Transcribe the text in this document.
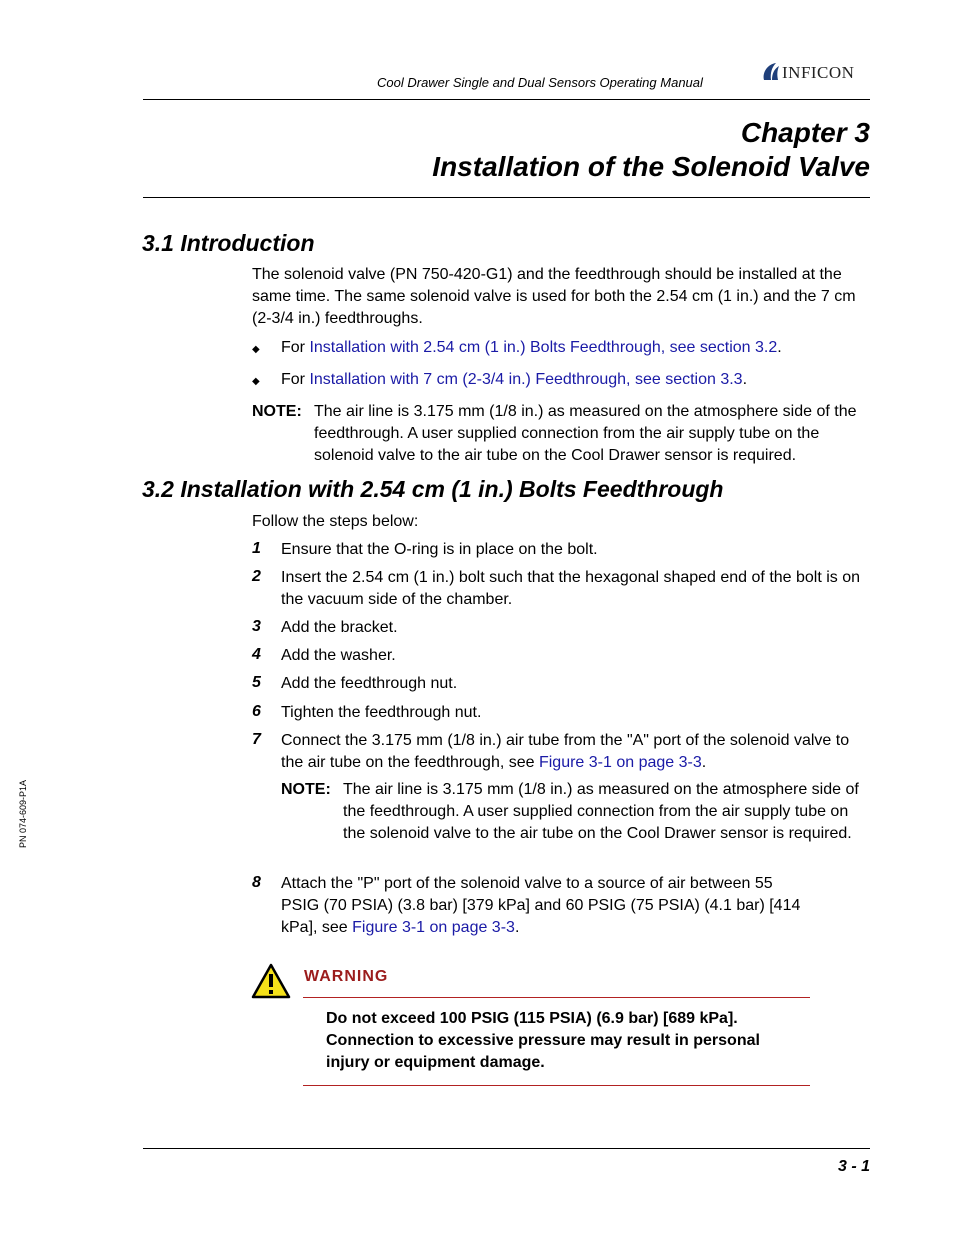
Cool Drawer Single and Dual Sensors Operating Manual
INFICON
Chapter 3
Installation of the Solenoid Valve
3.1 Introduction
The solenoid valve (PN 750-420-G1) and the feedthrough should be installed at the same time. The same solenoid valve is used for both the 2.54 cm (1 in.) and the 7 cm (2-3/4 in.) feedthroughs.
◆ For Installation with 2.54 cm (1 in.) Bolts Feedthrough, see section 3.2.
◆ For Installation with 7 cm (2-3/4 in.) Feedthrough, see section 3.3.
NOTE: The air line is 3.175 mm (1/8 in.) as measured on the atmosphere side of the feedthrough. A user supplied connection from the air supply tube on the solenoid valve to the air tube on the Cool Drawer sensor is required.
3.2 Installation with 2.54 cm (1 in.) Bolts Feedthrough
Follow the steps below:
1 Ensure that the O-ring is in place on the bolt.
2 Insert the 2.54 cm (1 in.) bolt such that the hexagonal shaped end of the bolt is on the vacuum side of the chamber.
3 Add the bracket.
4 Add the washer.
5 Add the feedthrough nut.
6 Tighten the feedthrough nut.
7 Connect the 3.175 mm (1/8 in.) air tube from the "A" port of the solenoid valve to the air tube on the feedthrough, see Figure 3-1 on page 3-3.
NOTE: The air line is 3.175 mm (1/8 in.) as measured on the atmosphere side of the feedthrough. A user supplied connection from the air supply tube on the solenoid valve to the air tube on the Cool Drawer sensor is required.
8 Attach the "P" port of the solenoid valve to a source of air between 55 PSIG (70 PSIA) (3.8 bar) [379 kPa] and 60 PSIG (75 PSIA) (4.1 bar) [414 kPa], see Figure 3-1 on page 3-3.
WARNING
Do not exceed 100 PSIG (115 PSIA) (6.9 bar) [689 kPa]. Connection to excessive pressure may result in personal injury or equipment damage.
PN 074-609-P1A
3 - 1
